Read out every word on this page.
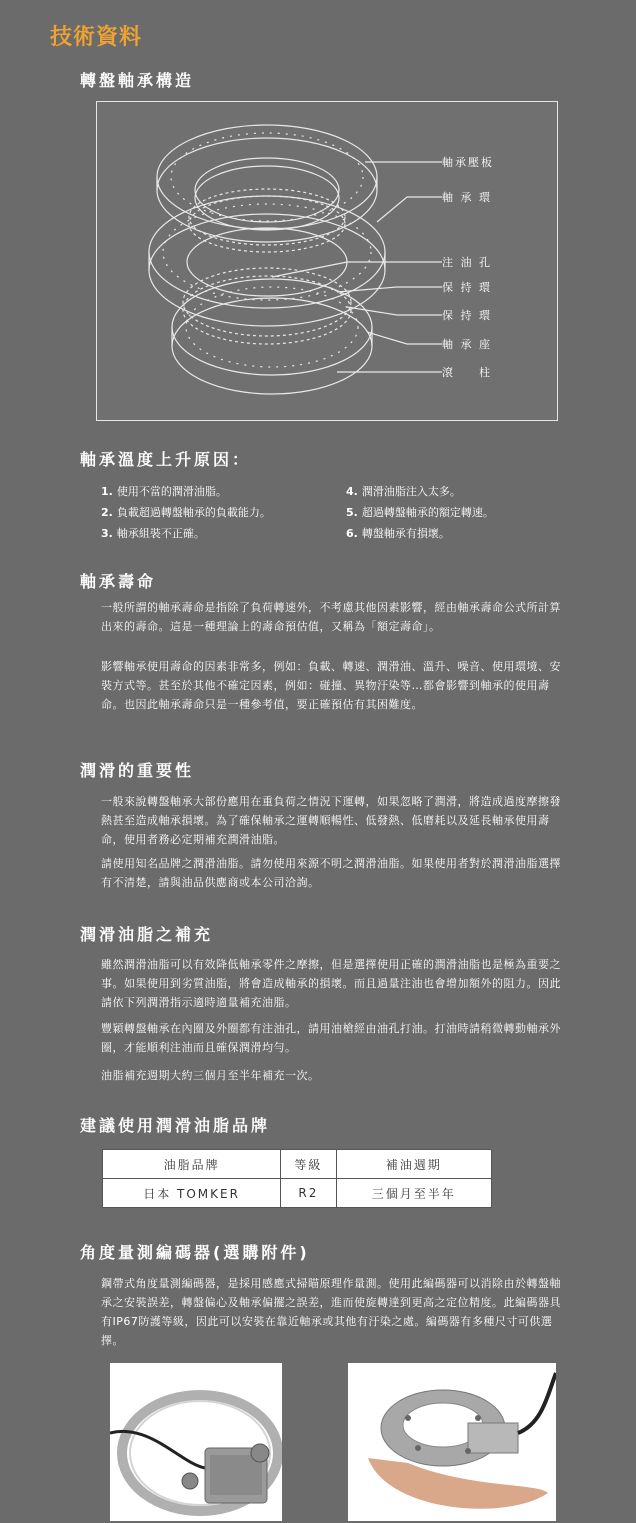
技術資料
轉盤軸承構造
軸承壓板
軸 承 環
注 油 孔
保 持 環
保 持 環
軸 承 座
滾 　 柱
軸承溫度上升原因：
1. 使用不當的潤滑油脂。
2. 負載超過轉盤軸承的負載能力。
3. 軸承組裝不正確。
4. 潤滑油脂注入太多。
5. 超過轉盤軸承的額定轉速。
6. 轉盤軸承有損壞。
軸承壽命

一般所謂的軸承壽命是指除了負荷轉速外，不考慮其他因素影響，經由軸承壽命公式所計算出來的壽命。這是一種理論上的壽命預估值，又稱為「額定壽命」。

影響軸承使用壽命的因素非常多，例如：負載、轉速、潤滑油、溫升、噪音、使用環境、安裝方式等。甚至於其他不確定因素，例如：碰撞、異物汙染等…都會影響到軸承的使用壽命。也因此軸承壽命只是一種參考值，要正確預估有其困難度。

潤滑的重要性

一般來說轉盤軸承大部份應用在重負荷之情況下運轉，如果忽略了潤滑，將造成過度摩擦發熱甚至造成軸承損壞。為了確保軸承之運轉順暢性、低發熱、低磨耗以及延長軸承使用壽命，使用者務必定期補充潤滑油脂。

請使用知名品牌之潤滑油脂。請勿使用來源不明之潤滑油脂。如果使用者對於潤滑油脂選擇有不清楚，請與油品供應商或本公司洽詢。

潤滑油脂之補充

雖然潤滑油脂可以有效降低軸承零件之摩擦，但是選擇使用正確的潤滑油脂也是極為重要之事。如果使用到劣質油脂，將會造成軸承的損壞。而且過量注油也會增加額外的阻力。因此請依下列潤滑指示適時適量補充油脂。

豐穎轉盤軸承在內圈及外圈都有注油孔，請用油槍經由油孔打油。打油時請稍微轉動軸承外圈，才能順利注油而且確保潤滑均勻。

油脂補充週期大約三個月至半年補充一次。

建議使用潤滑油脂品牌
油脂品牌	等級	補油週期
日本 TOMKER	R2	三個月至半年
角度量測編碼器(選購附件)

鋼帶式角度量測編碼器，是採用感應式掃瞄原理作量測。使用此編碼器可以消除由於轉盤軸承之安裝誤差，轉盤偏心及軸承偏擺之誤差，進而使旋轉達到更高之定位精度。此編碼器具有IP67防護等級，因此可以安裝在靠近軸承或其他有汙染之處。編碼器有多種尺寸可供選擇。
